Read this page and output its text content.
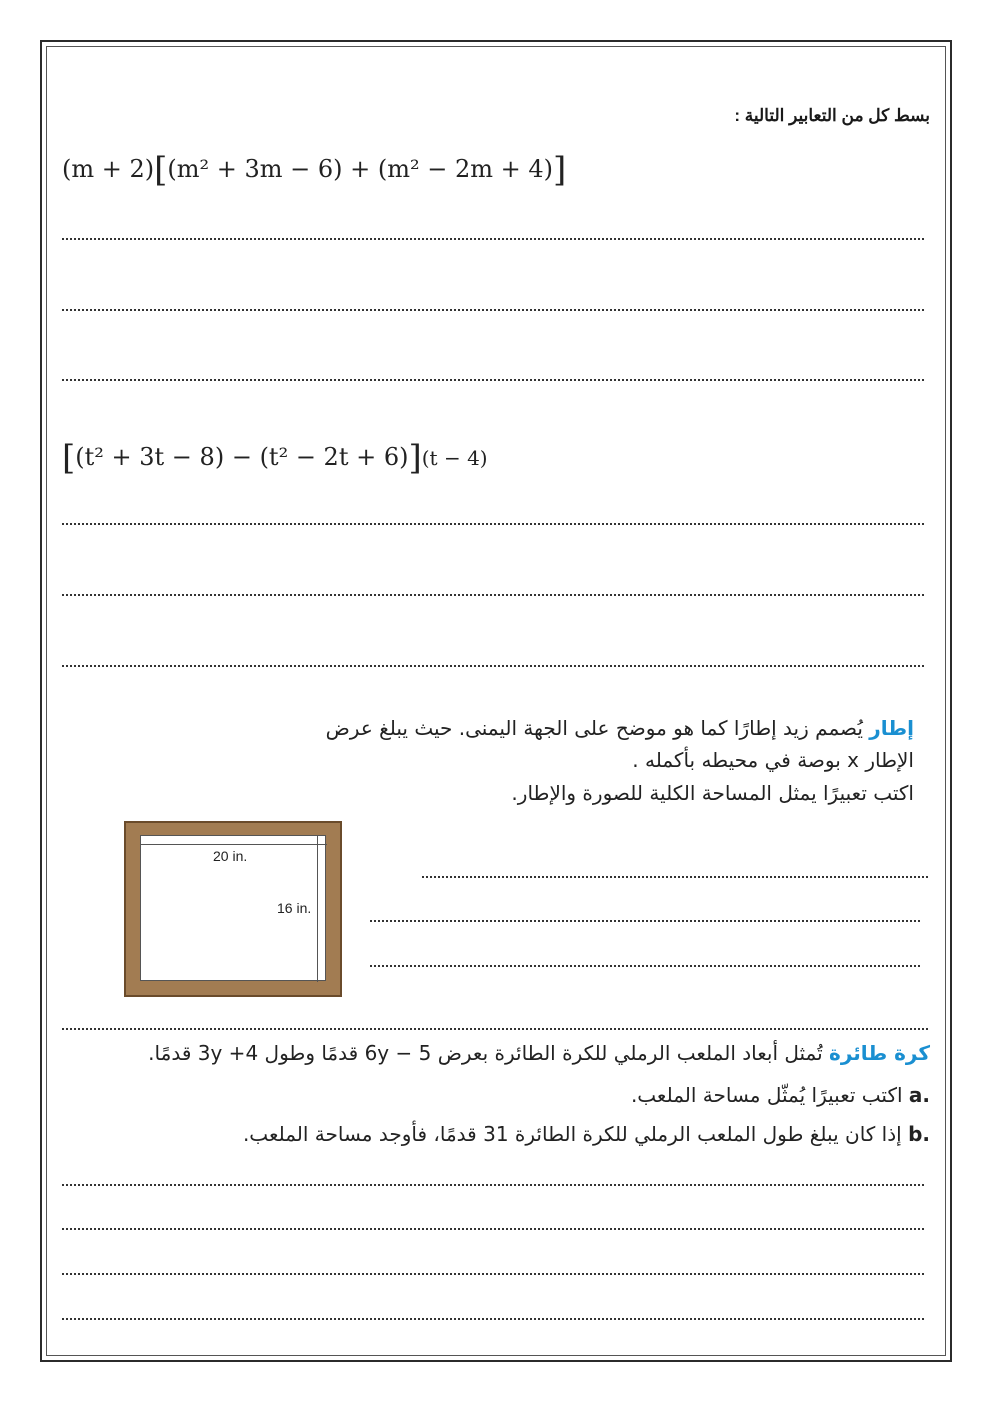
بسط كل من التعابير التالية :
(m + 2)[(m² + 3m − 6) + (m² − 2m + 4)]
[(t² + 3t − 8) − (t² − 2t + 6)](t − 4)
إطار يُصمم زيد إطارًا كما هو موضح على الجهة اليمنى. حيث يبلغ عرض
الإطار x بوصة في محيطه بأكمله .
اكتب تعبيرًا يمثل المساحة الكلية للصورة والإطار.
20 in.
16 in.
كرة طائرة تُمثل أبعاد الملعب الرملي للكرة الطائرة بعرض 5 − 6y قدمًا وطول 4+ 3y قدمًا.
.a اكتب تعبيرًا يُمثّل مساحة الملعب.
.b إذا كان يبلغ طول الملعب الرملي للكرة الطائرة 31 قدمًا، فأوجد مساحة الملعب.
